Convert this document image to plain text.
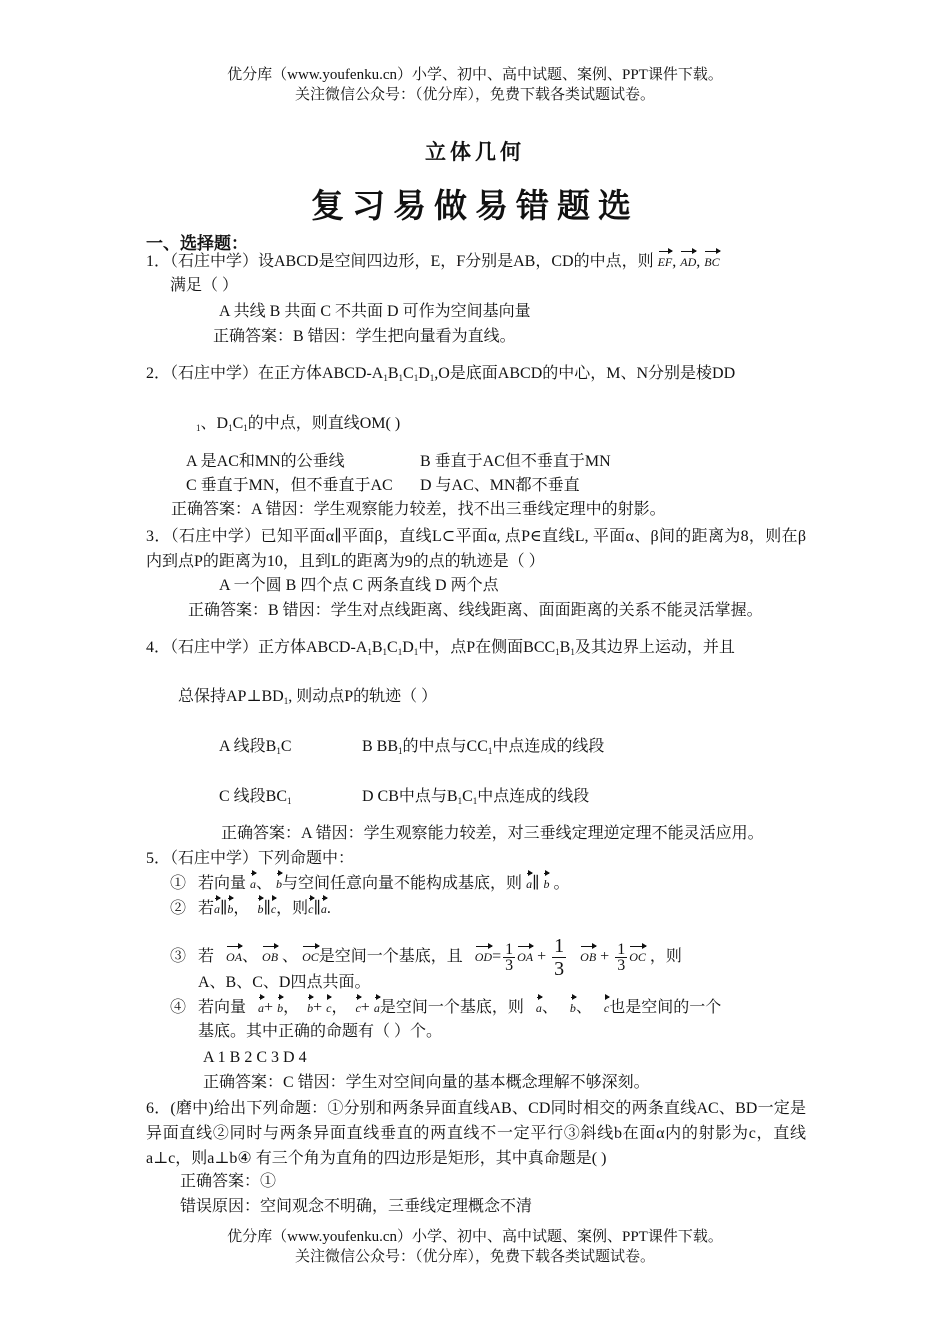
优分库（www.youfenku.cn）小学、初中、高中试题、案例、PPT课件下载。
关注微信公众号：（优分库），免费下载各类试题试卷。
立体几何
复习易做易错题选
一、选择题：
1．（石庄中学）设ABCD是空间四边形，E，F分别是AB，CD的中点，则 EF, AD, BC
满足（ ）
A 共线 B 共面 C 不共面 D 可作为空间基向量
正确答案：B 错因：学生把向量看为直线。
2．（石庄中学）在正方体ABCD-$A_1B_1C_1D_1,O$是底面ABCD的中心，M、N分别是棱DD
$_1$、$D_1C_1$的中点，则直线OM( )
A 是AC和MN的公垂线	B 垂直于AC但不垂直于MN
C 垂直于MN，但不垂直于AC D 与AC、MN都不垂直
正确答案：A 错因：学生观察能力较差，找不出三垂线定理中的射影。
3．（石庄中学）已知平面α∥平面β，直线L⊂平面α, 点P∈直线L, 平面α、β间的距离为8，则在β内到点P的距离为10，且到L的距离为9的点的轨迹是（ ）
A 一个圆 B 四个点 C 两条直线 D 两个点
正确答案：B 错因：学生对点线距离、线线距离、面面距离的关系不能灵活掌握。
4．（石庄中学）正方体ABCD-$A_1B_1C_1D_1$中，点P在侧面$BCC_1B_1$及其边界上运动，并且
总保持$AP\perp BD_1$, 则动点P的轨迹（ ）
A 线段$B_1C$	B $BB_1$的中点与$CC_1$中点连成的线段
C 线段$BC_1$	D CB中点与$B_1C_1$中点连成的线段
正确答案：A 错因：学生观察能力较差，对三垂线定理逆定理不能灵活应用。
5．（石庄中学）下列命题中：
① 若向量 a、 b与空间任意向量不能构成基底，则 a∥ b 。
② 若a∥b， b∥c，则c∥a.
③ 若 OA、 OB 、 OC是空间一个基底，且 $OD= \frac{1}{3}$ OA + $\frac{1}{3}$ OB + $\frac{1}{3}$ OC ，则
A、B、C、D四点共面。
④ 若向量 a+ b， b+ c， c+ a是空间一个基底，则 a、 b、 c也是空间的一个
基底。其中正确的命题有（ ）个。
A 1 B 2 C 3 D 4
正确答案：C 错因：学生对空间向量的基本概念理解不够深刻。
6．(磨中)给出下列命题：①分别和两条异面直线AB、CD同时相交的两条直线AC、BD一定是异面直线②同时与两条异面直线垂直的两直线不一定平行③斜线b在面α内的射影为c，直线a⊥c，则a⊥b④ 有三个角为直角的四边形是矩形，其中真命题是( )
正确答案：①
错误原因：空间观念不明确，三垂线定理概念不清
优分库（www.youfenku.cn）小学、初中、高中试题、案例、PPT课件下载。
关注微信公众号：（优分库），免费下载各类试题试卷。
